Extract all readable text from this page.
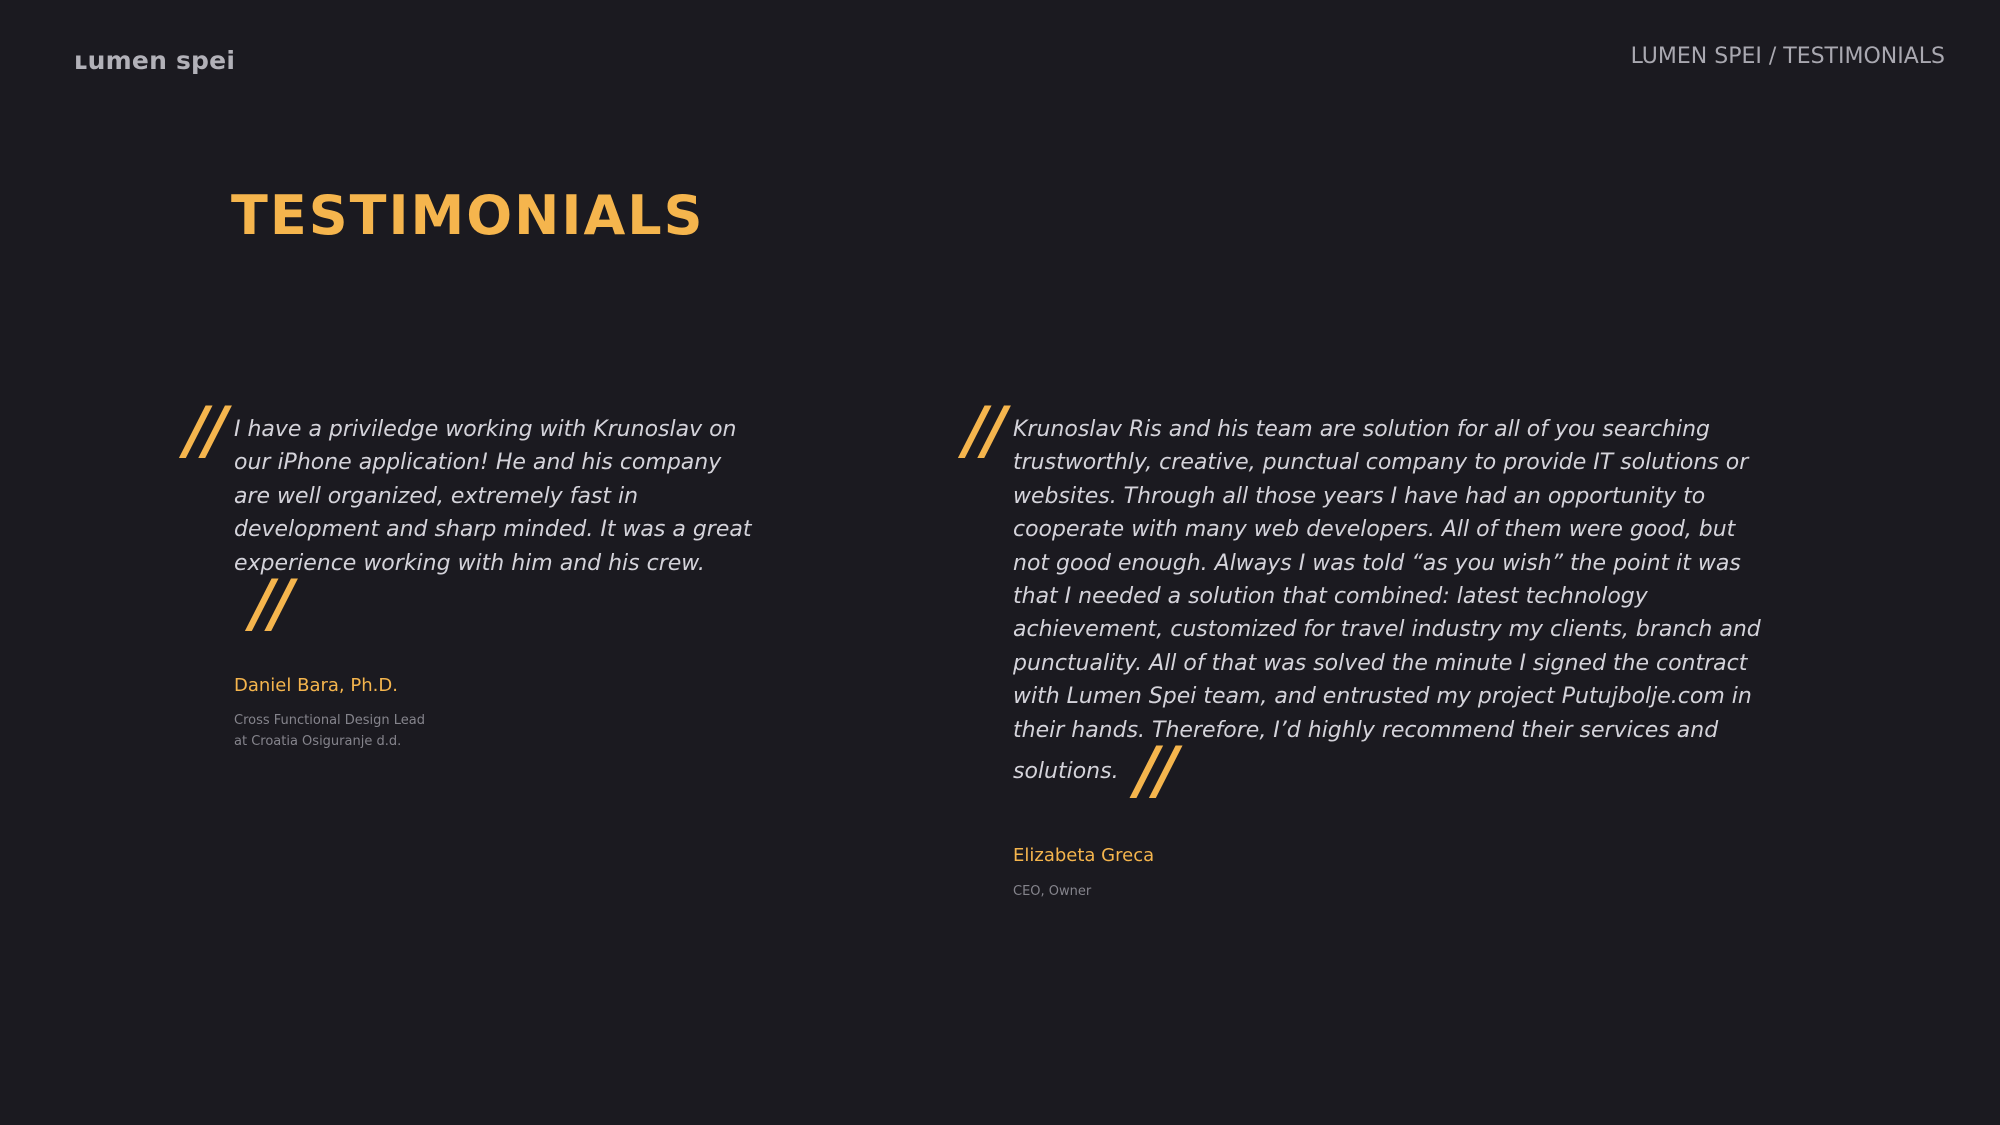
ʟumen spei	LUMEN SPEI / TESTIMONIALS
TESTIMONIALS
// I have a priviledge working with Krunoslav on our iPhone application! He and his company are well organized, extremely fast in development and sharp minded. It was a great experience working with him and his crew.//

Daniel Bara, Ph.D.

Cross Functional Design Lead
at Croatia Osiguranje d.d.
// Krunoslav Ris and his team are solution for all of you searching trustworthly, creative, punctual company to provide IT solutions or websites. Through all those years I have had an opportunity to cooperate with many web developers. All of them were good, but not good enough. Always I was told “as you wish” the point it was that I needed a solution that combined: latest technology achievement, customized for travel industry my clients, branch and punctuality. All of that was solved the minute I signed the contract with Lumen Spei team, and entrusted my project Putujbolje.com in their hands. Therefore, I’d highly recommend their services and solutions. //

Elizabeta Greca

CEO, Owner
